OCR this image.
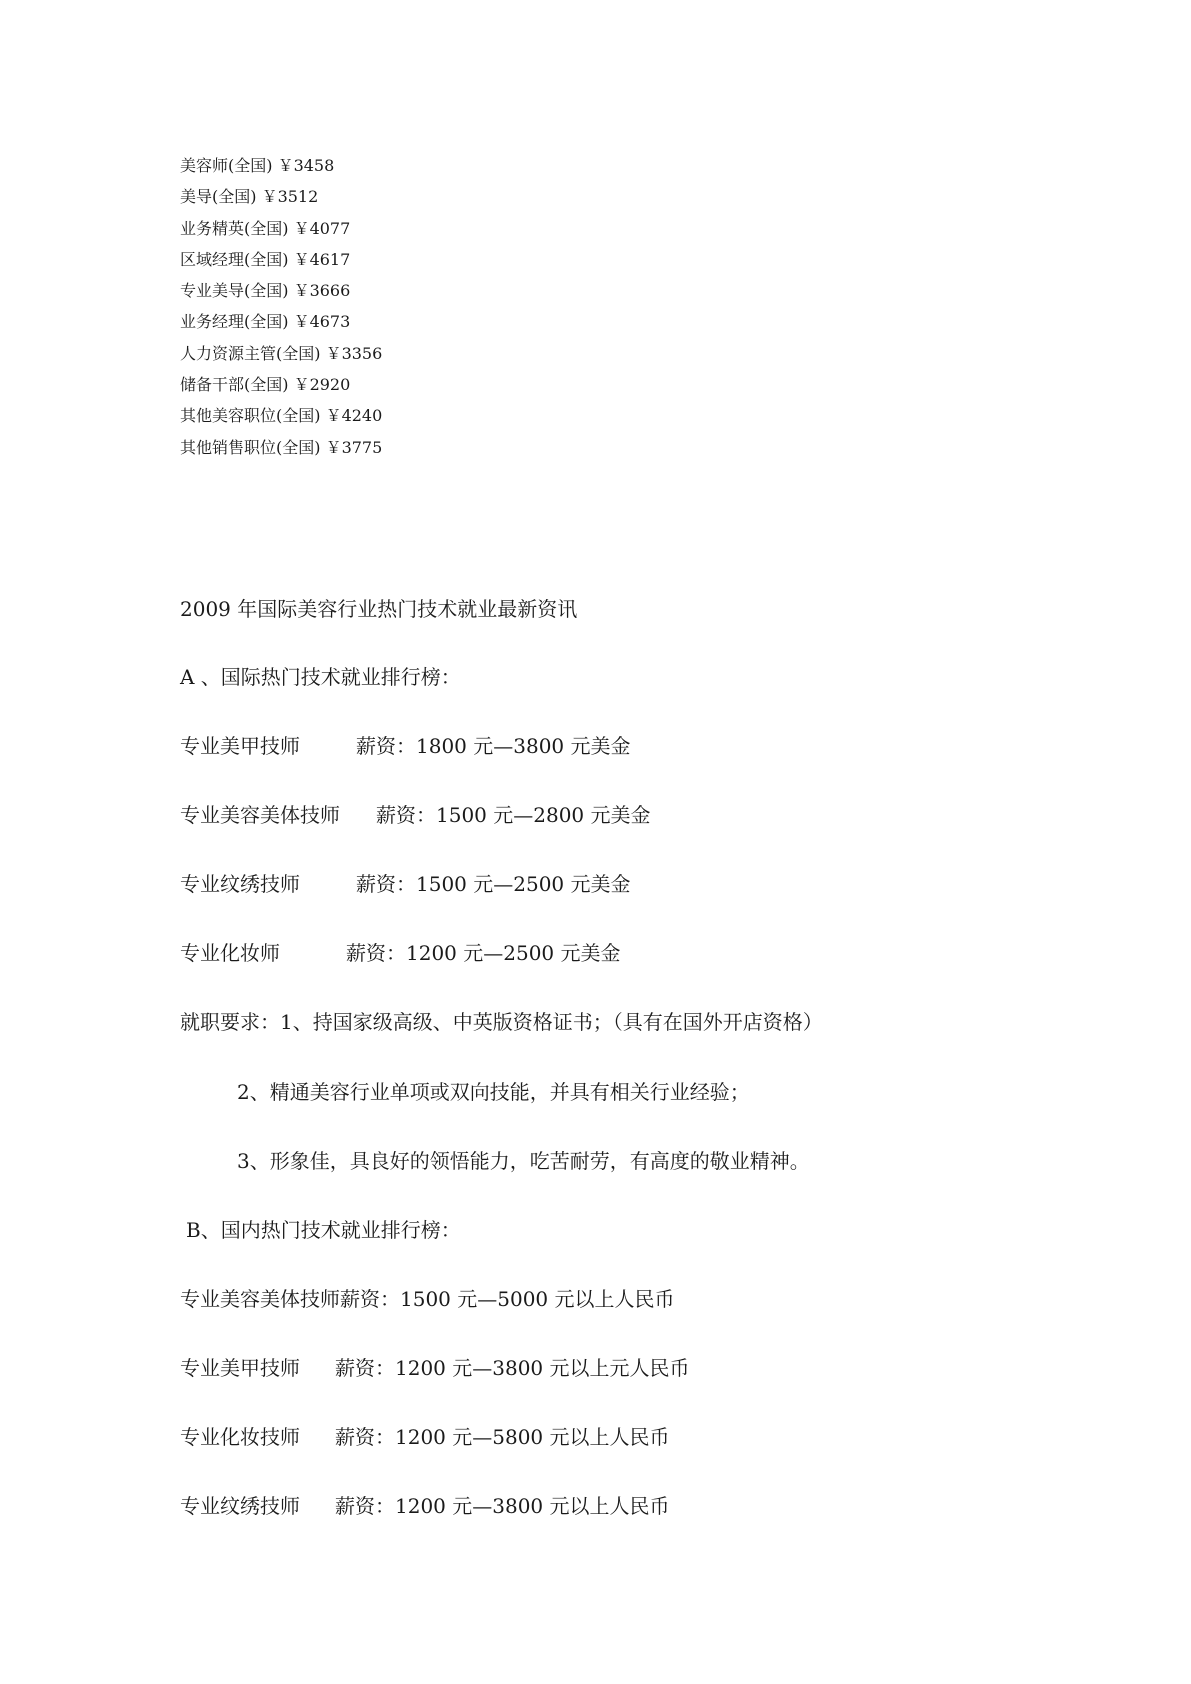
美容师(全国) ￥3458
美导(全国) ￥3512
业务精英(全国) ￥4077
区域经理(全国) ￥4617
专业美导(全国) ￥3666
业务经理(全国) ￥4673
人力资源主管(全国) ￥3356
储备干部(全国) ￥2920
其他美容职位(全国) ￥4240
其他销售职位(全国) ￥3775

2009 年国际美容行业热门技术就业最新资讯

A 、国际热门技术就业排行榜：

专业美甲技师	薪资：1800 元—3800 元美金

专业美容美体技师 薪资：1500 元—2800 元美金

专业纹绣技师	薪资：1500 元—2500 元美金

专业化妆师	薪资：1200 元—2500 元美金

就职要求：1、持国家级高级、中英版资格证书；（具有在国外开店资格）

2、精通美容行业单项或双向技能，并具有相关行业经验；

3、形象佳，具良好的领悟能力，吃苦耐劳，有高度的敬业精神。

B、国内热门技术就业排行榜：

专业美容美体技师薪资：1500 元—5000 元以上人民币

专业美甲技师 薪资：1200 元—3800 元以上元人民币

专业化妆技师 薪资：1200 元—5800 元以上人民币

专业纹绣技师 薪资：1200 元—3800 元以上人民币
